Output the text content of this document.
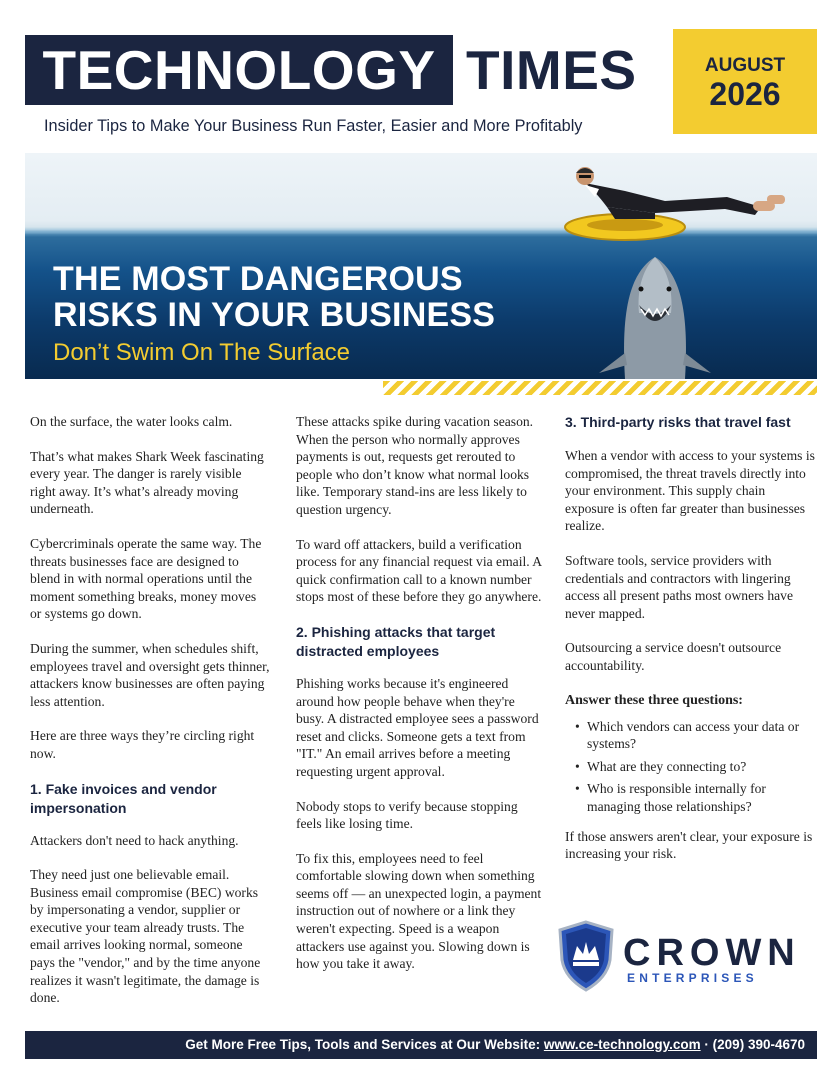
TECHNOLOGY TIMES	AUGUST
2026
Insider Tips to Make Your Business Run Faster, Easier and More Profitably
THE MOST DANGEROUS
RISKS IN YOUR BUSINESS
Don’t Swim On The Surface

On the surface, the water looks calm.

That’s what makes Shark Week fascinating every year. The danger is rarely visible right away. It’s what’s already moving underneath.

Cybercriminals operate the same way. The threats businesses face are designed to blend in with normal operations until the moment something breaks, money moves or systems go down.

During the summer, when schedules shift, employees travel and oversight gets thinner, attackers know businesses are often paying less attention.

Here are three ways they’re circling right now.

1. Fake invoices and vendor impersonation

Attackers don't need to hack anything.

They need just one believable email. Business email compromise (BEC) works by impersonating a vendor, supplier or executive your team already trusts. The email arrives looking normal, someone pays the "vendor," and by the time anyone realizes it wasn't legitimate, the damage is done.

These attacks spike during vacation season. When the person who normally approves payments is out, requests get rerouted to people who don’t know what normal looks like. Temporary stand-ins are less likely to question urgency.

To ward off attackers, build a verification process for any financial request via email. A quick confirmation call to a known number stops most of these before they go anywhere.

2. Phishing attacks that target distracted employees

Phishing works because it's engineered around how people behave when they're busy. A distracted employee sees a password reset and clicks. Someone gets a text from "IT." An email arrives before a meeting requesting urgent approval.

Nobody stops to verify because stopping feels like losing time.

To fix this, employees need to feel comfortable slowing down when something seems off — an unexpected login, a payment instruction out of nowhere or a link they weren't expecting. Speed is a weapon attackers use against you. Slowing down is how you take it away.

3. Third-party risks that travel fast

When a vendor with access to your systems is compromised, the threat travels directly into your environment. This supply chain exposure is often far greater than businesses realize.

Software tools, service providers with credentials and contractors with lingering access all present paths most owners have never mapped.

Outsourcing a service doesn't outsource accountability.

Answer these three questions:
• Which vendors can access your data or systems?
• What are they connecting to?
• Who is responsible internally for managing those relationships?

If those answers aren't clear, your exposure is increasing your risk.

CROWN
ENTERPRISES
Get More Free Tips, Tools and Services at Our Website: www.ce-technology.com · (209) 390-4670
